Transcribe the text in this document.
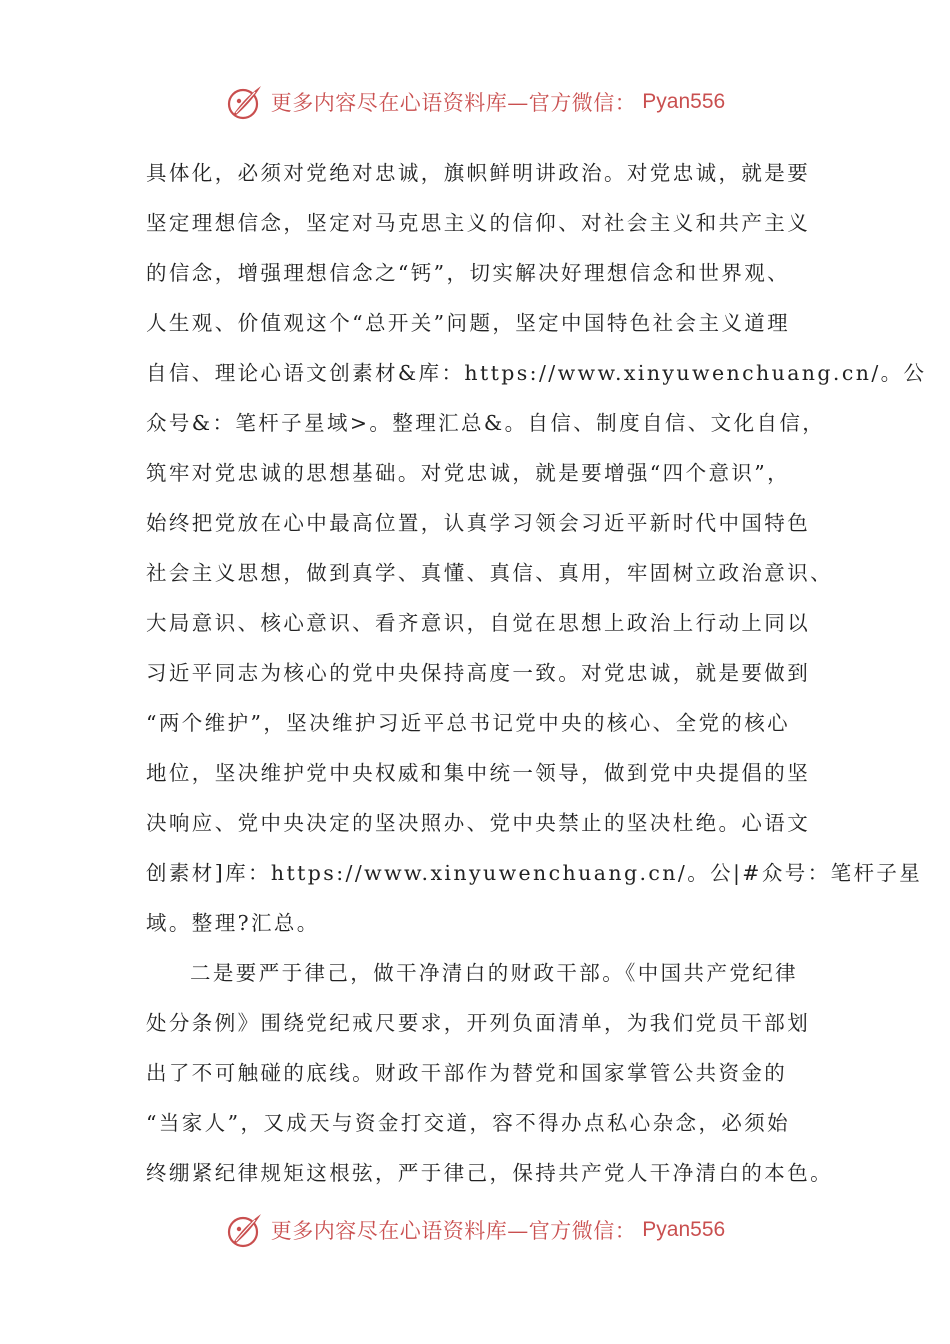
更多内容尽在心语资料库—官方微信： Pyan556
具体化，必须对党绝对忠诚，旗帜鲜明讲政治。对党忠诚，就是要
坚定理想信念，坚定对马克思主义的信仰、对社会主义和共产主义
的信念，增强理想信念之“钙”，切实解决好理想信念和世界观、
人生观、价值观这个“总开关”问题，坚定中国特色社会主义道理
自信、理论心语文创素材&库：https://www.xinyuwenchuang.cn/。公
众号&：笔杆子星域>。整理汇总&。自信、制度自信、文化自信，
筑牢对党忠诚的思想基础。对党忠诚，就是要增强“四个意识”，
始终把党放在心中最高位置，认真学习领会习近平新时代中国特色
社会主义思想，做到真学、真懂、真信、真用，牢固树立政治意识、
大局意识、核心意识、看齐意识，自觉在思想上政治上行动上同以
习近平同志为核心的党中央保持高度一致。对党忠诚，就是要做到
“两个维护”，坚决维护习近平总书记党中央的核心、全党的核心
地位，坚决维护党中央权威和集中统一领导，做到党中央提倡的坚
决响应、党中央决定的坚决照办、党中央禁止的坚决杜绝。心语文
创素材]库：https://www.xinyuwenchuang.cn/。公|#众号：笔杆子星
域。整理?汇总。
二是要严于律己，做干净清白的财政干部。《中国共产党纪律
处分条例》围绕党纪戒尺要求，开列负面清单，为我们党员干部划
出了不可触碰的底线。财政干部作为替党和国家掌管公共资金的
“当家人”，又成天与资金打交道，容不得办点私心杂念，必须始
终绷紧纪律规矩这根弦，严于律己，保持共产党人干净清白的本色。
更多内容尽在心语资料库—官方微信： Pyan556
